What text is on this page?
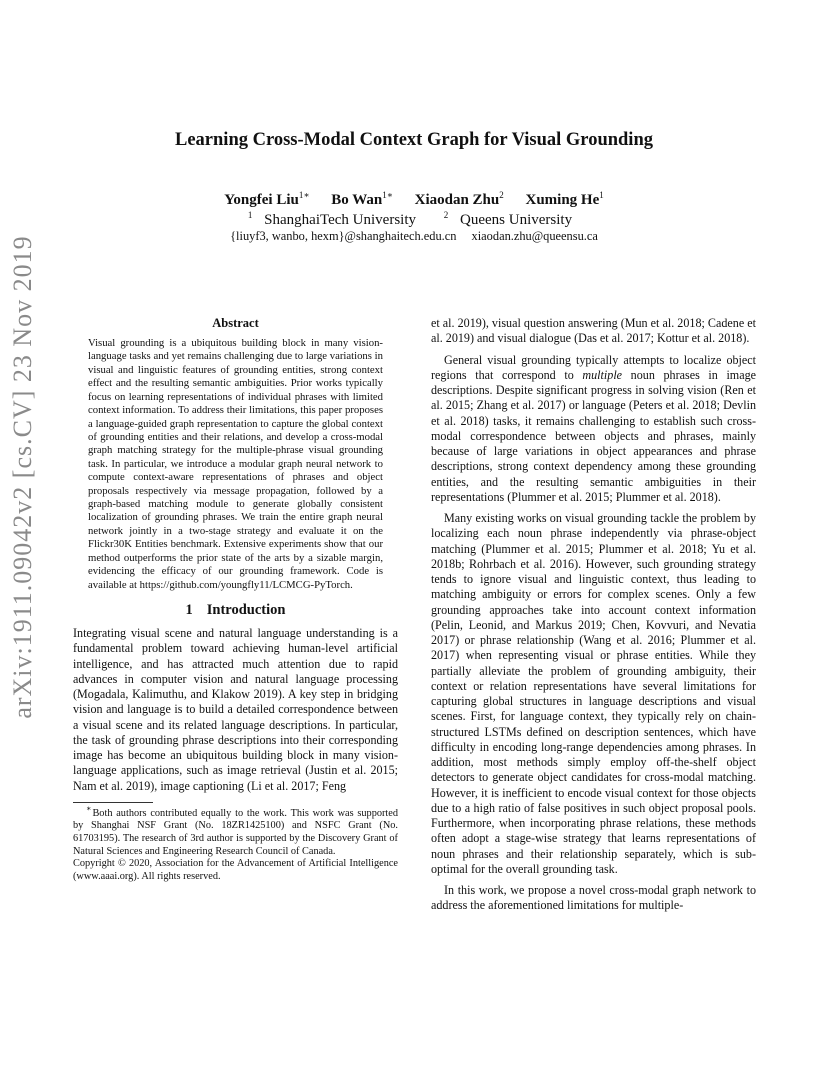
arXiv:1911.09042v2 [cs.CV] 23 Nov 2019
Learning Cross-Modal Context Graph for Visual Grounding
Yongfei Liu$^{1∗}$ Bo Wan$^{1∗}$ Xiaodan Zhu$^2$ Xuming He$^1$
$^1$ ShanghaiTech University	$^2$ Queens University
{liuyf3, wanbo, hexm}@shanghaitech.edu.cn xiaodan.zhu@queensu.ca
Abstract

Visual grounding is a ubiquitous building block in many vision-language tasks and yet remains challenging due to large variations in visual and linguistic features of grounding entities, strong context effect and the resulting semantic ambiguities. Prior works typically focus on learning representations of individual phrases with limited context information. To address their limitations, this paper proposes a language-guided graph representation to capture the global context of grounding entities and their relations, and develop a cross-modal graph matching strategy for the multiple-phrase visual grounding task. In particular, we introduce a modular graph neural network to compute context-aware representations of phrases and object proposals respectively via message propagation, followed by a graph-based matching module to generate globally consistent localization of grounding phrases. We train the entire graph neural network jointly in a two-stage strategy and evaluate it on the Flickr30K Entities benchmark. Extensive experiments show that our method outperforms the prior state of the arts by a sizable margin, evidencing the efficacy of our grounding framework. Code is available at https://github.com/youngfly11/LCMCG-PyTorch.

1 Introduction

Integrating visual scene and natural language understanding is a fundamental problem toward achieving human-level artificial intelligence, and has attracted much attention due to rapid advances in computer vision and natural language processing (Mogadala, Kalimuthu, and Klakow 2019). A key step in bridging vision and language is to build a detailed correspondence between a visual scene and its related language descriptions. In particular, the task of grounding phrase descriptions into their corresponding image has become an ubiquitous building block in many vision-language applications, such as image retrieval (Justin et al. 2015; Nam et al. 2019), image captioning (Li et al. 2017; Feng

∗Both authors contributed equally to the work. This work was supported by Shanghai NSF Grant (No. 18ZR1425100) and NSFC Grant (No. 61703195). The research of 3rd author is supported by the Discovery Grant of Natural Sciences and Engineering Research Council of Canada.

Copyright © 2020, Association for the Advancement of Artificial Intelligence (www.aaai.org). All rights reserved.

et al. 2019), visual question answering (Mun et al. 2018; Cadene et al. 2019) and visual dialogue (Das et al. 2017; Kottur et al. 2018).

General visual grounding typically attempts to localize object regions that correspond to multiple noun phrases in image descriptions. Despite significant progress in solving vision (Ren et al. 2015; Zhang et al. 2017) or language (Peters et al. 2018; Devlin et al. 2018) tasks, it remains challenging to establish such cross-modal correspondence between objects and phrases, mainly because of large variations in object appearances and phrase descriptions, strong context dependency among these grounding entities, and the resulting semantic ambiguities in their representations (Plummer et al. 2015; Plummer et al. 2018).

Many existing works on visual grounding tackle the problem by localizing each noun phrase independently via phrase-object matching (Plummer et al. 2015; Plummer et al. 2018; Yu et al. 2018b; Rohrbach et al. 2016). However, such grounding strategy tends to ignore visual and linguistic context, thus leading to matching ambiguity or errors for complex scenes. Only a few grounding approaches take into account context information (Pelin, Leonid, and Markus 2019; Chen, Kovvuri, and Nevatia 2017) or phrase relationship (Wang et al. 2016; Plummer et al. 2017) when representing visual or phrase entities. While they partially alleviate the problem of grounding ambiguity, their context or relation representations have several limitations for capturing global structures in language descriptions and visual scenes. First, for language context, they typically rely on chain-structured LSTMs defined on description sentences, which have difficulty in encoding long-range dependencies among phrases. In addition, most methods simply employ off-the-shelf object detectors to generate object candidates for cross-modal matching. However, it is inefficient to encode visual context for those objects due to a high ratio of false positives in such object proposal pools. Furthermore, when incorporating phrase relations, these methods often adopt a stage-wise strategy that learns representations of noun phrases and their relationship separately, which is sub-optimal for the overall grounding task.

In this work, we propose a novel cross-modal graph network to address the aforementioned limitations for multiple-
